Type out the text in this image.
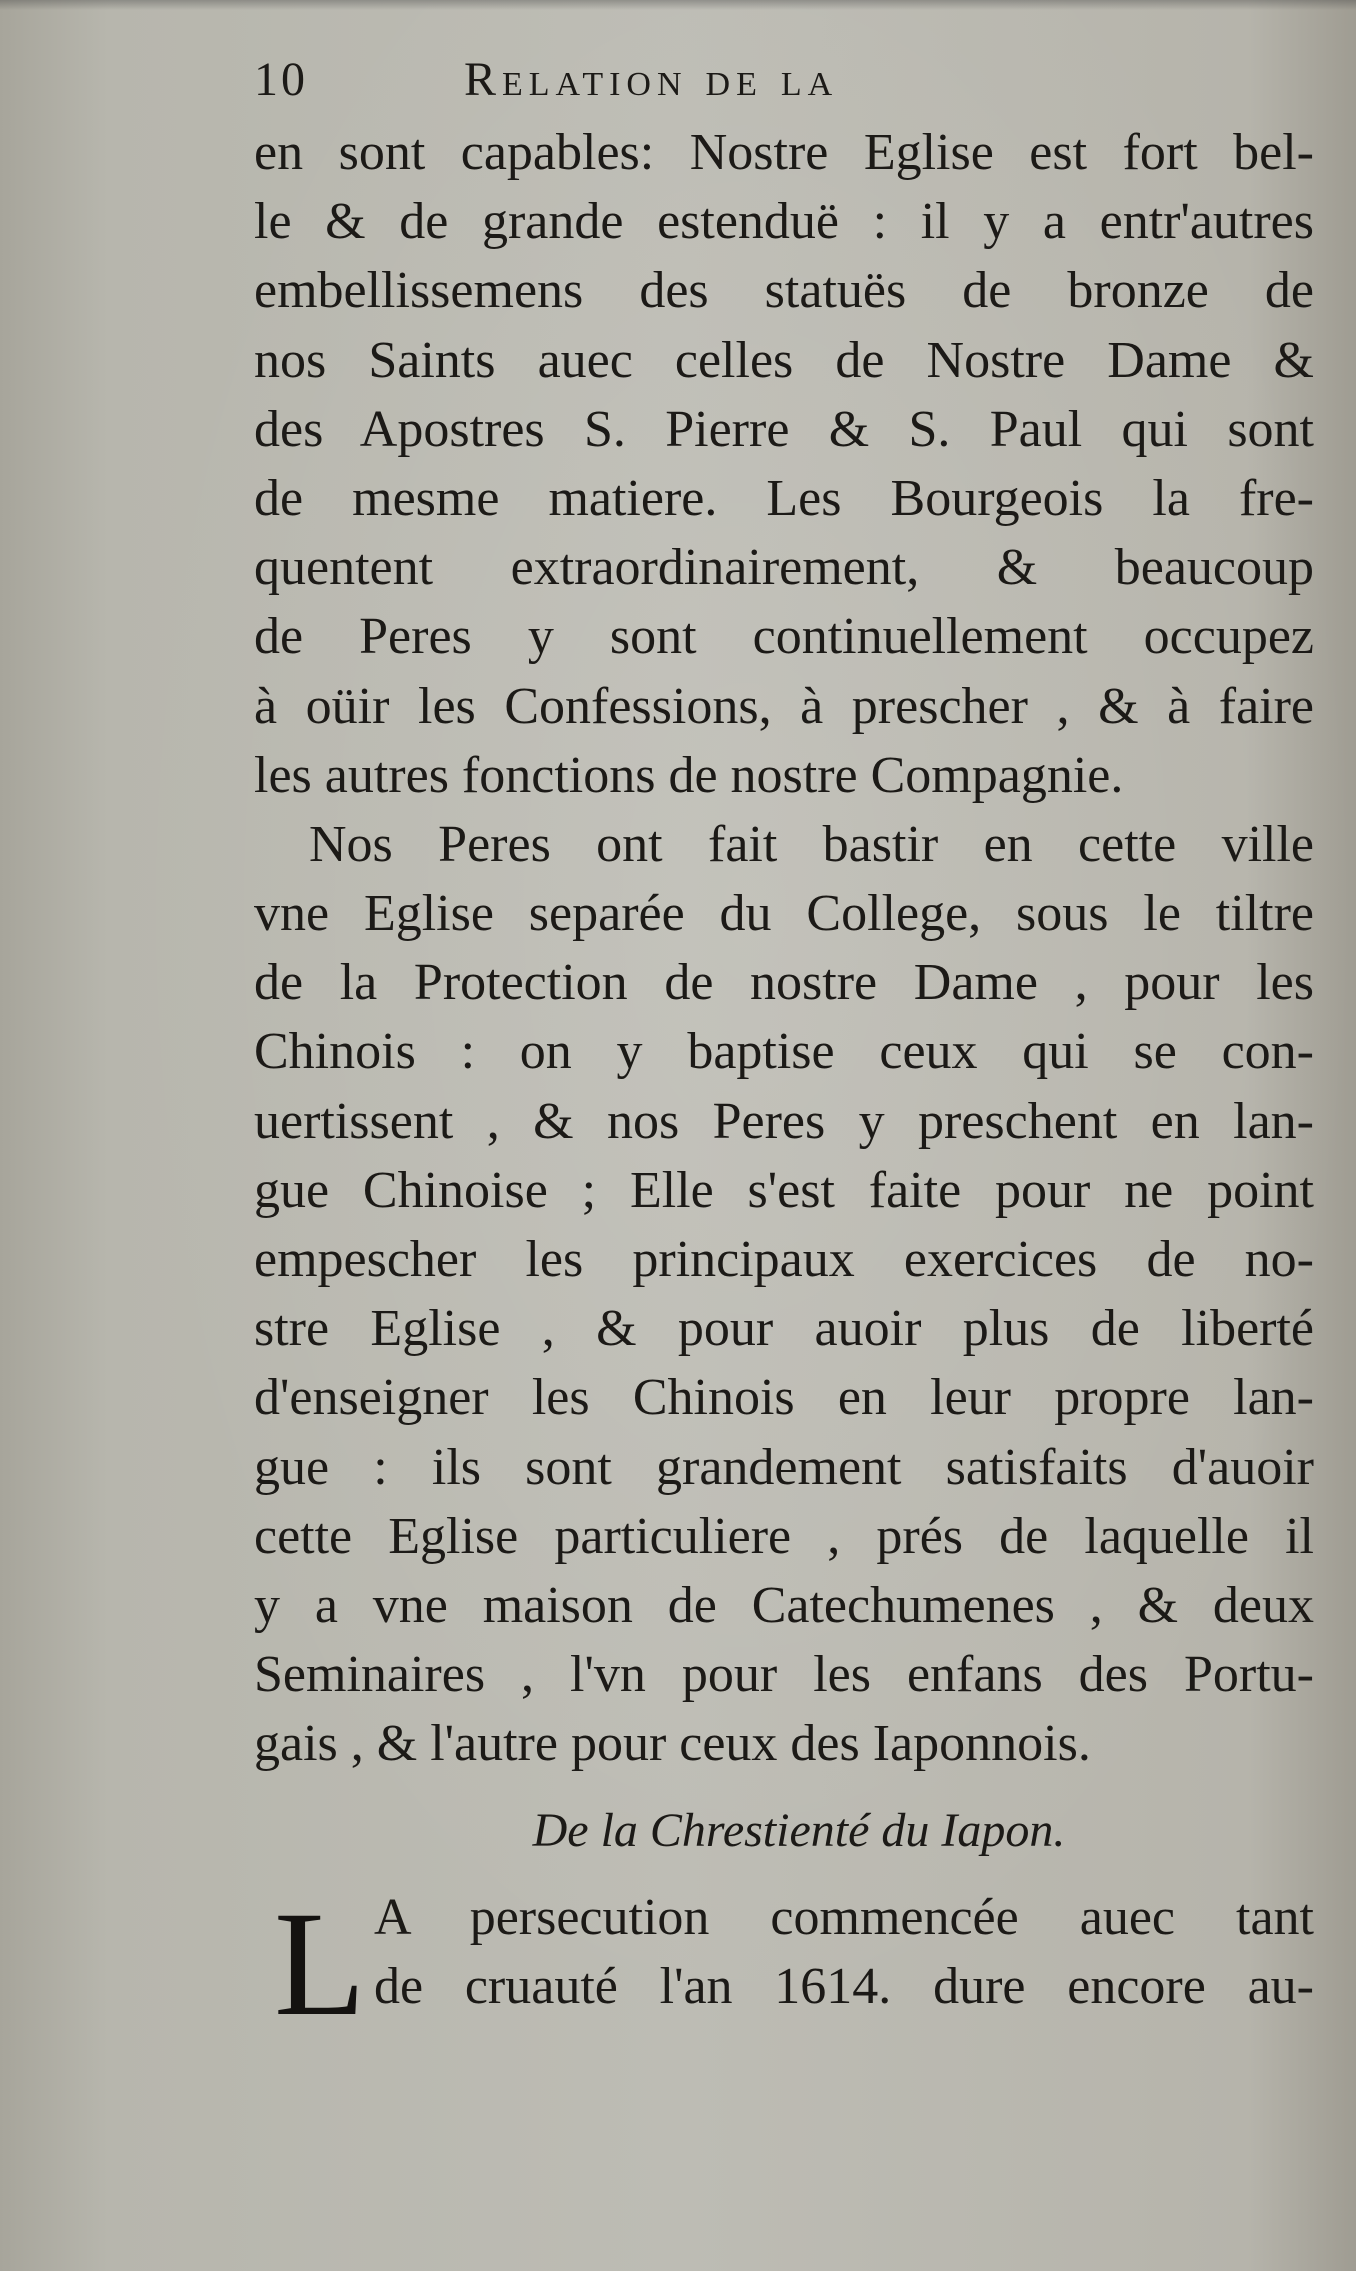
10	Relation de la
en sont capables: Nostre Eglise est fort bel-
le & de grande estenduë : il y a entr'autres
embellissemens des statuës de bronze de
nos Saints auec celles de Nostre Dame &
des Apostres S. Pierre & S. Paul qui sont
de mesme matiere. Les Bourgeois la fre-
quentent extraordinairement, & beaucoup
de Peres y sont continuellement occupez
à oüir les Confessions, à prescher , & à faire
les autres fonctions de nostre Compagnie.
Nos Peres ont fait bastir en cette ville
vne Eglise separée du College, sous le tiltre
de la Protection de nostre Dame , pour les
Chinois : on y baptise ceux qui se con-
uertissent , & nos Peres y preschent en lan-
gue Chinoise ; Elle s'est faite pour ne point
empescher les principaux exercices de no-
stre Eglise , & pour auoir plus de liberté
d'enseigner les Chinois en leur propre lan-
gue : ils sont grandement satisfaits d'auoir
cette Eglise particuliere , prés de laquelle il
y a vne maison de Catechumenes , & deux
Seminaires , l'vn pour les enfans des Portu-
gais , & l'autre pour ceux des Iaponnois.
De la Chrestienté du Iapon.
L A persecution commencée auec tant
de cruauté l'an 1614. dure encore au-
